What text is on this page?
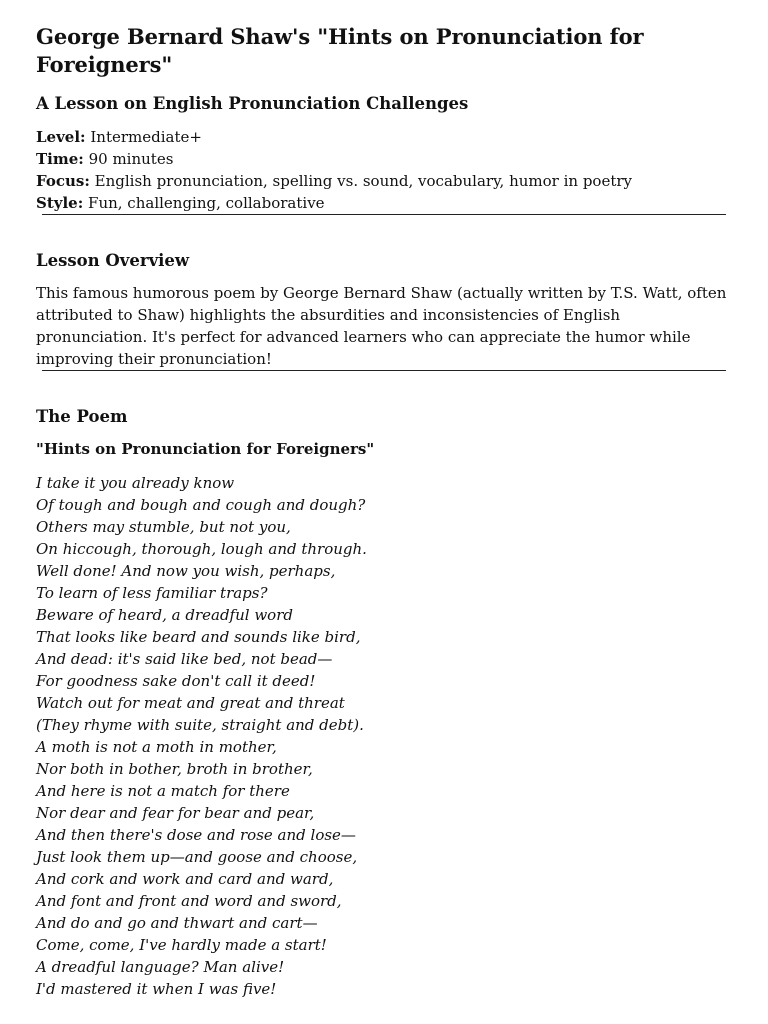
George Bernard Shaw's "Hints on Pronunciation for Foreigners"
A Lesson on English Pronunciation Challenges
Level: Intermediate+
Time: 90 minutes
Focus: English pronunciation, spelling vs. sound, vocabulary, humor in poetry
Style: Fun, challenging, collaborative
Lesson Overview

This famous humorous poem by George Bernard Shaw (actually written by T.S. Watt, often attributed to Shaw) highlights the absurdities and inconsistencies of English pronunciation. It's perfect for advanced learners who can appreciate the humor while improving their pronunciation!

The Poem
"Hints on Pronunciation for Foreigners"
I take it you already know
Of tough and bough and cough and dough?
Others may stumble, but not you,
On hiccough, thorough, lough and through.
Well done! And now you wish, perhaps,
To learn of less familiar traps?
Beware of heard, a dreadful word
That looks like beard and sounds like bird,
And dead: it's said like bed, not bead—
For goodness sake don't call it deed!
Watch out for meat and great and threat
(They rhyme with suite, straight and debt).
A moth is not a moth in mother,
Nor both in bother, broth in brother,
And here is not a match for there
Nor dear and fear for bear and pear,
And then there's dose and rose and lose—
Just look them up—and goose and choose,
And cork and work and card and ward,
And font and front and word and sword,
And do and go and thwart and cart—
Come, come, I've hardly made a start!
A dreadful language? Man alive!
I'd mastered it when I was five!
